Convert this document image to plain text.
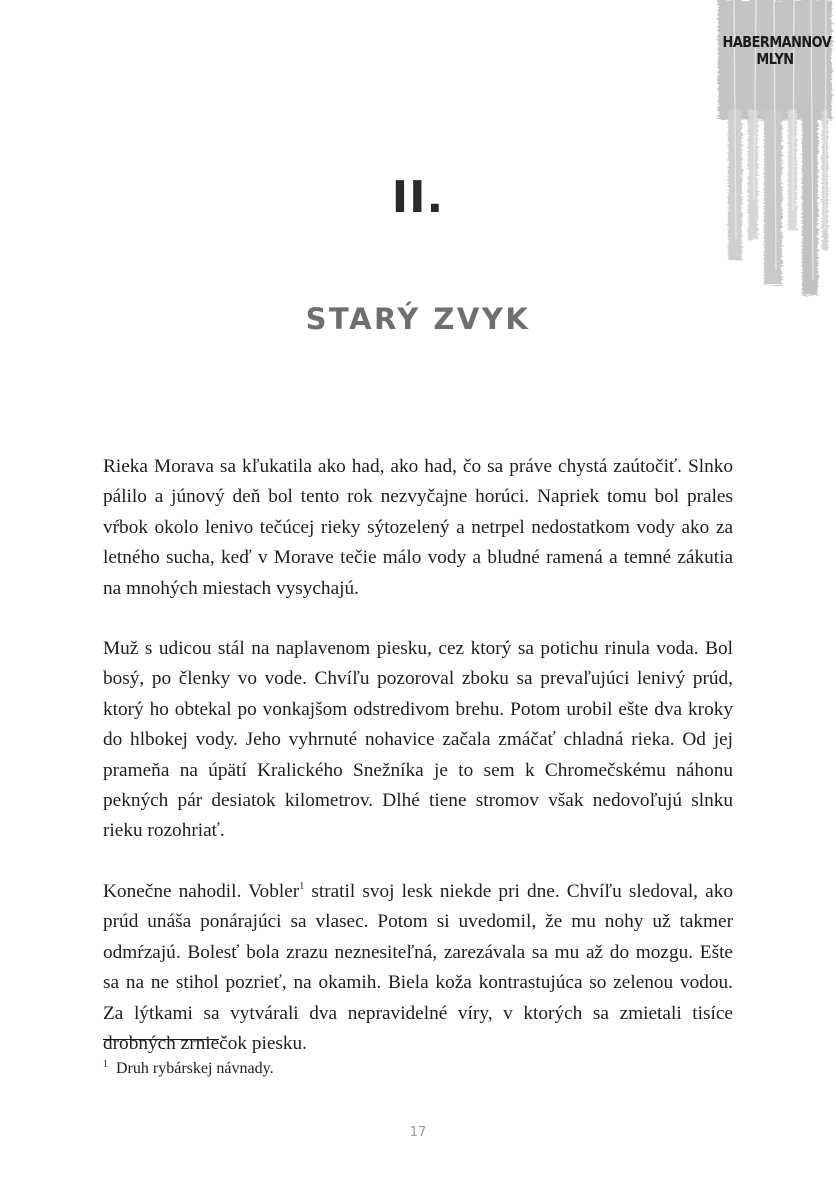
HABERMANNOV
MLYN
II.
STARÝ ZVYK

Rieka Morava sa kľukatila ako had, ako had, čo sa práve chystá zaútočiť. Slnko pálilo a júnový deň bol tento rok nezvyčajne horúci. Napriek tomu bol prales vŕbok okolo lenivo tečúcej rieky sýtozelený a netrpel nedostatkom vody ako za letného sucha, keď v Morave tečie málo vody a bludné ramená a temné zákutia na mnohých miestach vysychajú.

Muž s udicou stál na naplavenom piesku, cez ktorý sa potichu rinula voda. Bol bosý, po členky vo vode. Chvíľu pozoroval zboku sa prevaľujúci lenivý prúd, ktorý ho obtekal po vonkajšom odstredivom brehu. Potom urobil ešte dva kroky do hlbokej vody. Jeho vyhrnuté nohavice začala zmáčať chladná rieka. Od jej prameňa na úpätí Kralického Snežníka je to sem k Chromečskému náhonu pekných pár desiatok kilometrov. Dlhé tiene stromov však nedovoľujú slnku rieku rozohriať.

Konečne nahodil. Vobler$^1$ stratil svoj lesk niekde pri dne. Chvíľu sledoval, ako prúd unáša ponárajúci sa vlasec. Potom si uvedomil, že mu nohy už takmer odmŕzajú. Bolesť bola zrazu neznesiteľná, zarezávala sa mu až do mozgu. Ešte sa na ne stihol pozrieť, na okamih. Biela koža kontrastujúca so zelenou vodou. Za lýtkami sa vytvárali dva nepravidelné víry, v ktorých sa zmietali tisíce drobných zrniečok piesku.

$^1$ Druh rybárskej návnady.
17
